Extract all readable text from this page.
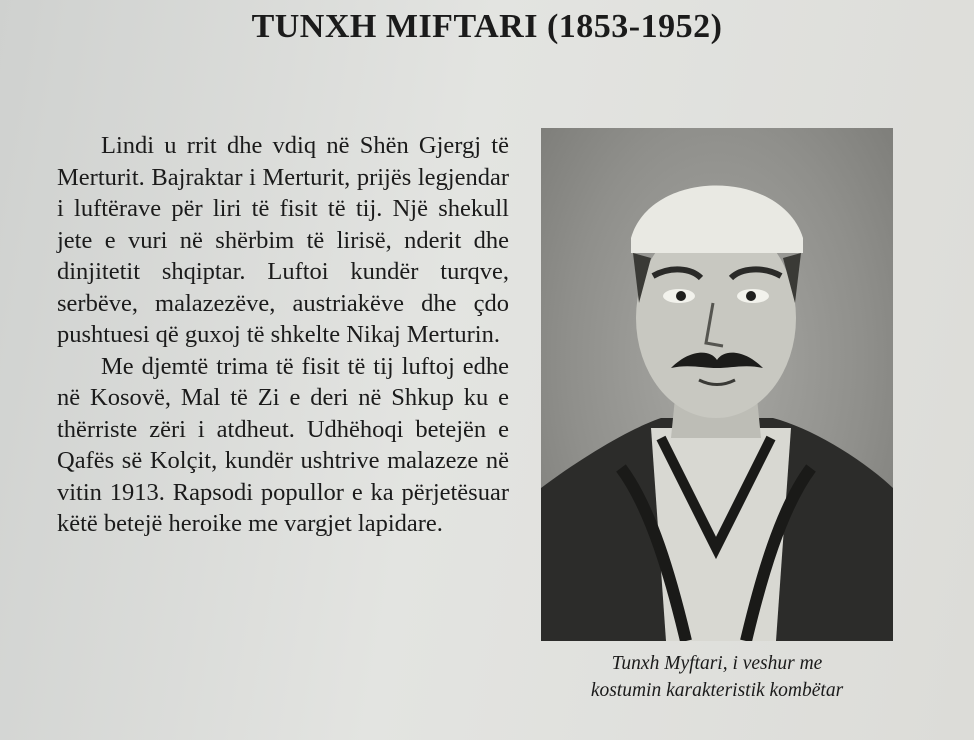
TUNXH MIFTARI (1853-1952)

Lindi u rrit dhe vdiq në Shën Gjergj të Merturit. Bajraktar i Merturit, prijës legjendar i luftërave për liri të fisit të tij. Një shekull jete e vuri në shërbim të lirisë, nderit dhe dinjitetit shqiptar. Luftoi kundër turqve, serbëve, malazezëve, austriakëve dhe çdo pushtuesi që guxoj të shkelte Nikaj Merturin.

Me djemtë trima të fisit të tij luftoj edhe në Kosovë, Mal të Zi e deri në Shkup ku e thërriste zëri i atdheut. Udhëhoqi betejën e Qafës së Kolçit, kundër ushtrive malazeze në vitin 1913. Rapsodi popullor e ka përjetësuar këtë betejë heroike me vargjet lapidare.

Tunxh Myftari, i veshur me
kostumin karakteristik kombëtar
